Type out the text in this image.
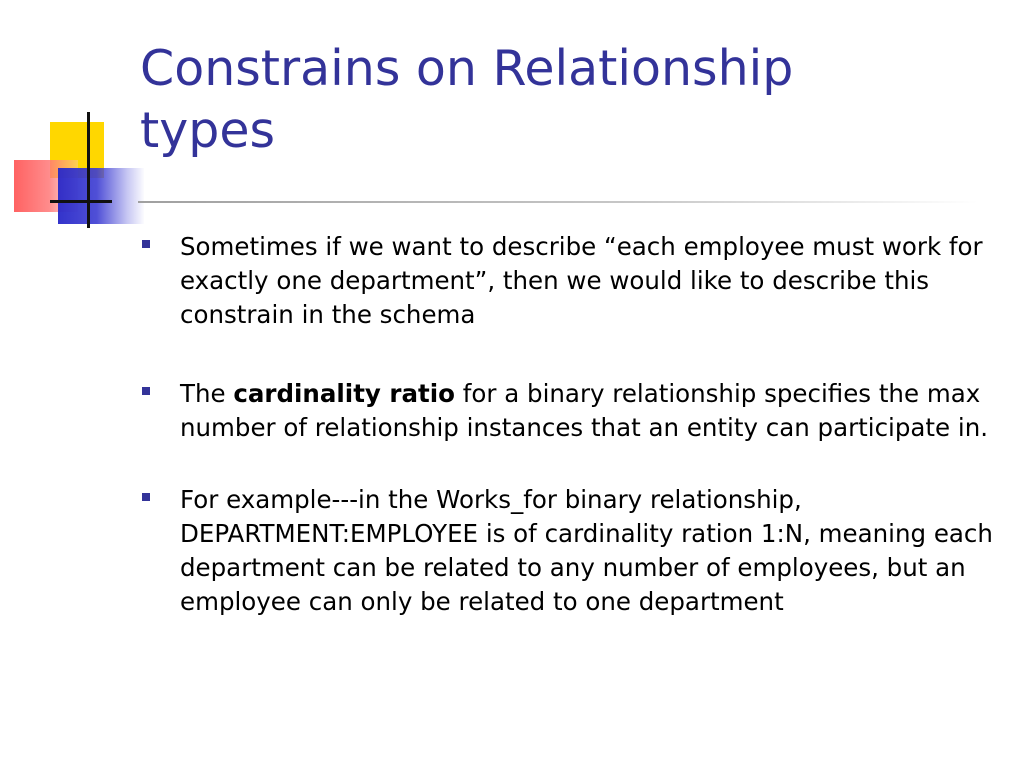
Constrains on Relationship
types
Sometimes if we want to describe “each employee must work for exactly one department”, then we would like to describe this constrain in the schema
The cardinality ratio for a binary relationship specifies the max number of relationship instances that an entity can participate in.
For example---in the Works_for binary relationship, DEPARTMENT:EMPLOYEE is of cardinality ration 1:N, meaning each department can be related to any number of employees, but an employee can only be related to one department
